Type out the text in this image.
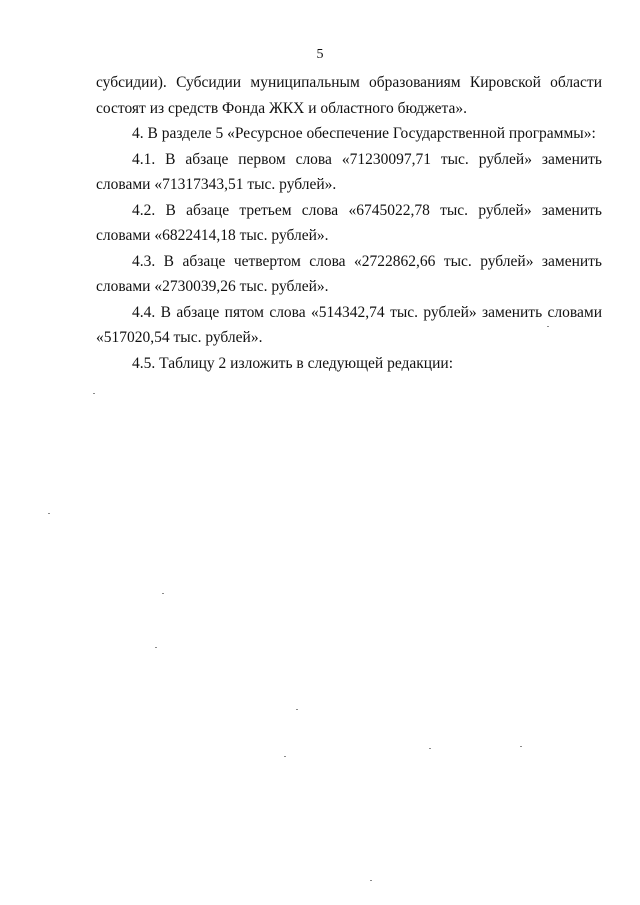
5

субсидии). Субсидии муниципальным образованиям Кировской области состоят из средств Фонда ЖКХ и областного бюджета».

4. В разделе 5 «Ресурсное обеспечение Государственной программы»:

4.1. В абзаце первом слова «71230097,71 тыс. рублей» заменить словами «71317343,51 тыс. рублей».

4.2. В абзаце третьем слова «6745022,78 тыс. рублей» заменить словами «6822414,18 тыс. рублей».

4.3. В абзаце четвертом слова «2722862,66 тыс. рублей» заменить словами «2730039,26 тыс. рублей».

4.4. В абзаце пятом слова «514342,74 тыс. рублей» заменить словами «517020,54 тыс. рублей».

4.5. Таблицу 2 изложить в следующей редакции:
